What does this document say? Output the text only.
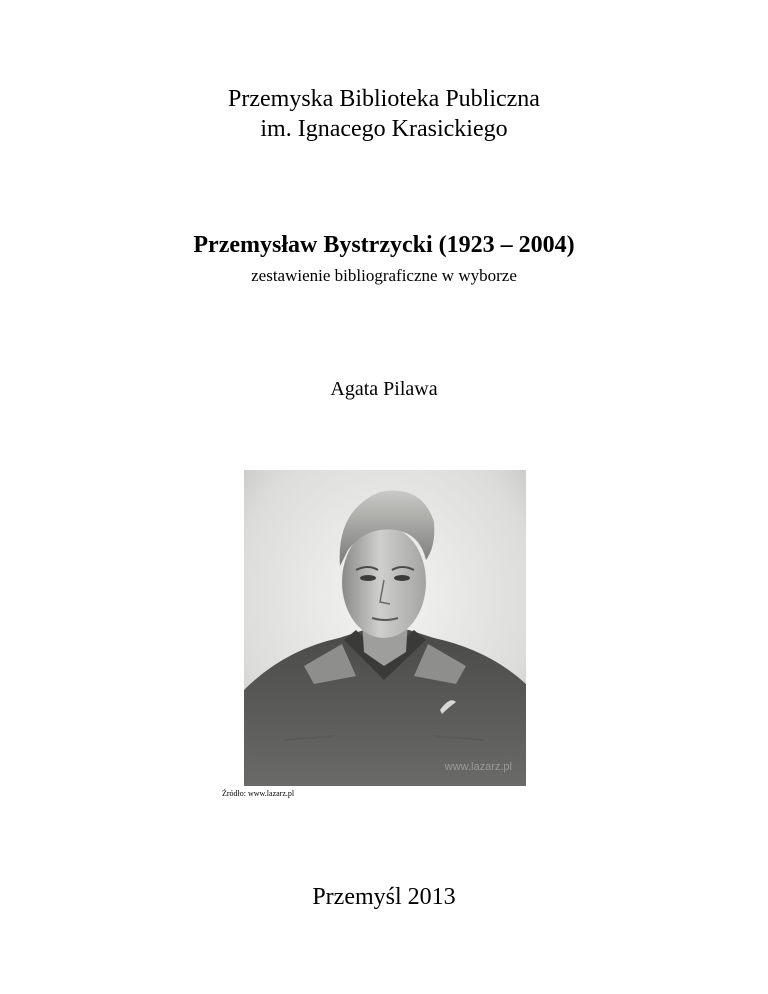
Przemyska Biblioteka Publiczna
im. Ignacego Krasickiego
Przemysław Bystrzycki (1923 – 2004)
zestawienie bibliograficzne w wyborze
Agata Pilawa
www.lazarz.pl
Źródło: www.lazarz.pl
Przemyśl 2013
